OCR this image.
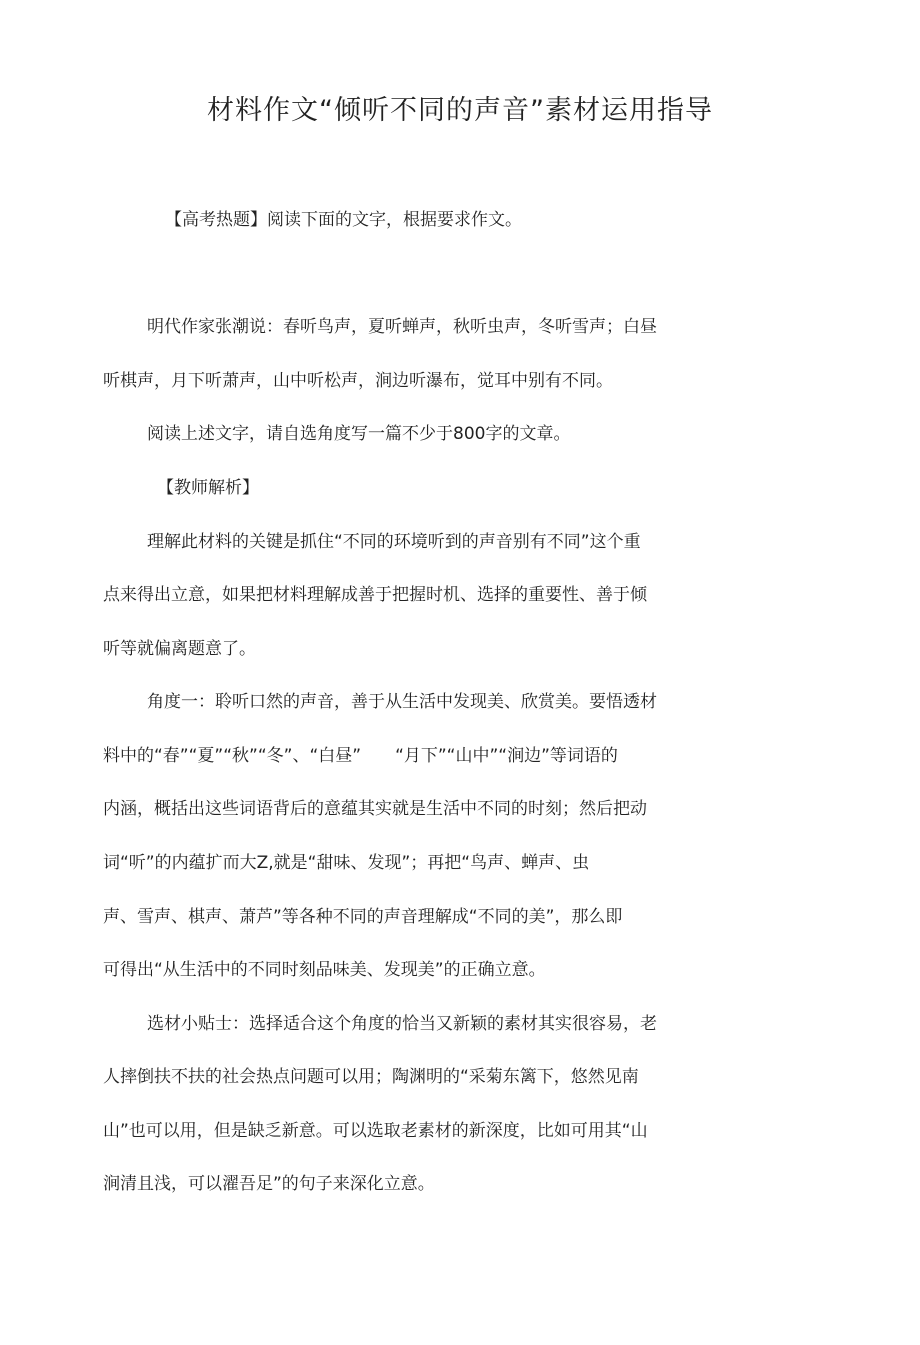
材料作文“倾听不同的声音”素材运用指导
【高考热题】阅读下面的文字，根据要求作文。
明代作家张潮说：春听鸟声，夏听蝉声，秋听虫声，冬听雪声；白昼
听棋声，月下听萧声，山中听松声，涧边听瀑布，觉耳中别有不同。
阅读上述文字，请自选角度写一篇不少于800字的文章。
【教师解析】
理解此材料的关键是抓住“不同的环境听到的声音别有不同”这个重
点来得出立意，如果把材料理解成善于把握时机、选择的重要性、善于倾
听等就偏离题意了。
角度一：聆听口然的声音，善于从生活中发现美、欣赏美。要悟透材
料中的“春”“夏”“秋”“冬”、“白昼”　　“月下”“山中”“涧边”等词语的
内涵，概括出这些词语背后的意蕴其实就是生活中不同的时刻；然后把动
词“听”的内蕴扩而大Z,就是“甜味、发现”；再把“鸟声、蝉声、虫
声、雪声、棋声、萧芦”等各种不同的声音理解成“不同的美”，那么即
可得出“从生活中的不同时刻品味美、发现美”的正确立意。
选材小贴士：选择适合这个角度的恰当又新颖的素材其实很容易，老
人摔倒扶不扶的社会热点问题可以用；陶渊明的“采菊东篱下，悠然见南
山”也可以用，但是缺乏新意。可以选取老素材的新深度，比如可用其“山
涧清且浅，可以濯吾足”的句子来深化立意。
